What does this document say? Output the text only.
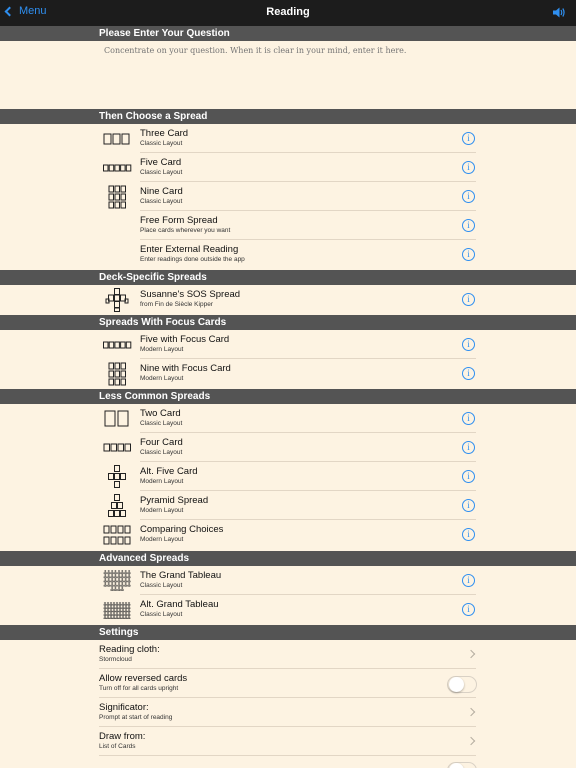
Menu	Reading
Please Enter Your Question
Concentrate on your question. When it is clear in your mind, enter it here.
Then Choose a Spread
Three Card
Classic Layout
i
Five Card
Classic Layout
i
Nine Card
Classic Layout
i
Free Form Spread
Place cards wherever you want
i
Enter External Reading
Enter readings done outside the app
i
Deck-Specific Spreads
Susanne's SOS Spread
from Fin de Siècle Kipper
i
Spreads With Focus Cards
Five with Focus Card
Modern Layout
i
Nine with Focus Card
Modern Layout
i
Less Common Spreads
Two Card
Classic Layout
i
Four Card
Classic Layout
i
Alt. Five Card
Modern Layout
i
Pyramid Spread
Modern Layout
i
Comparing Choices
Modern Layout
i
Advanced Spreads
The Grand Tableau
Classic Layout
i
Alt. Grand Tableau
Classic Layout
i
Settings
Reading cloth:
Stormcloud
Allow reversed cards
Turn off for all cards upright
Significator:
Prompt at start of reading
Draw from:
List of Cards
